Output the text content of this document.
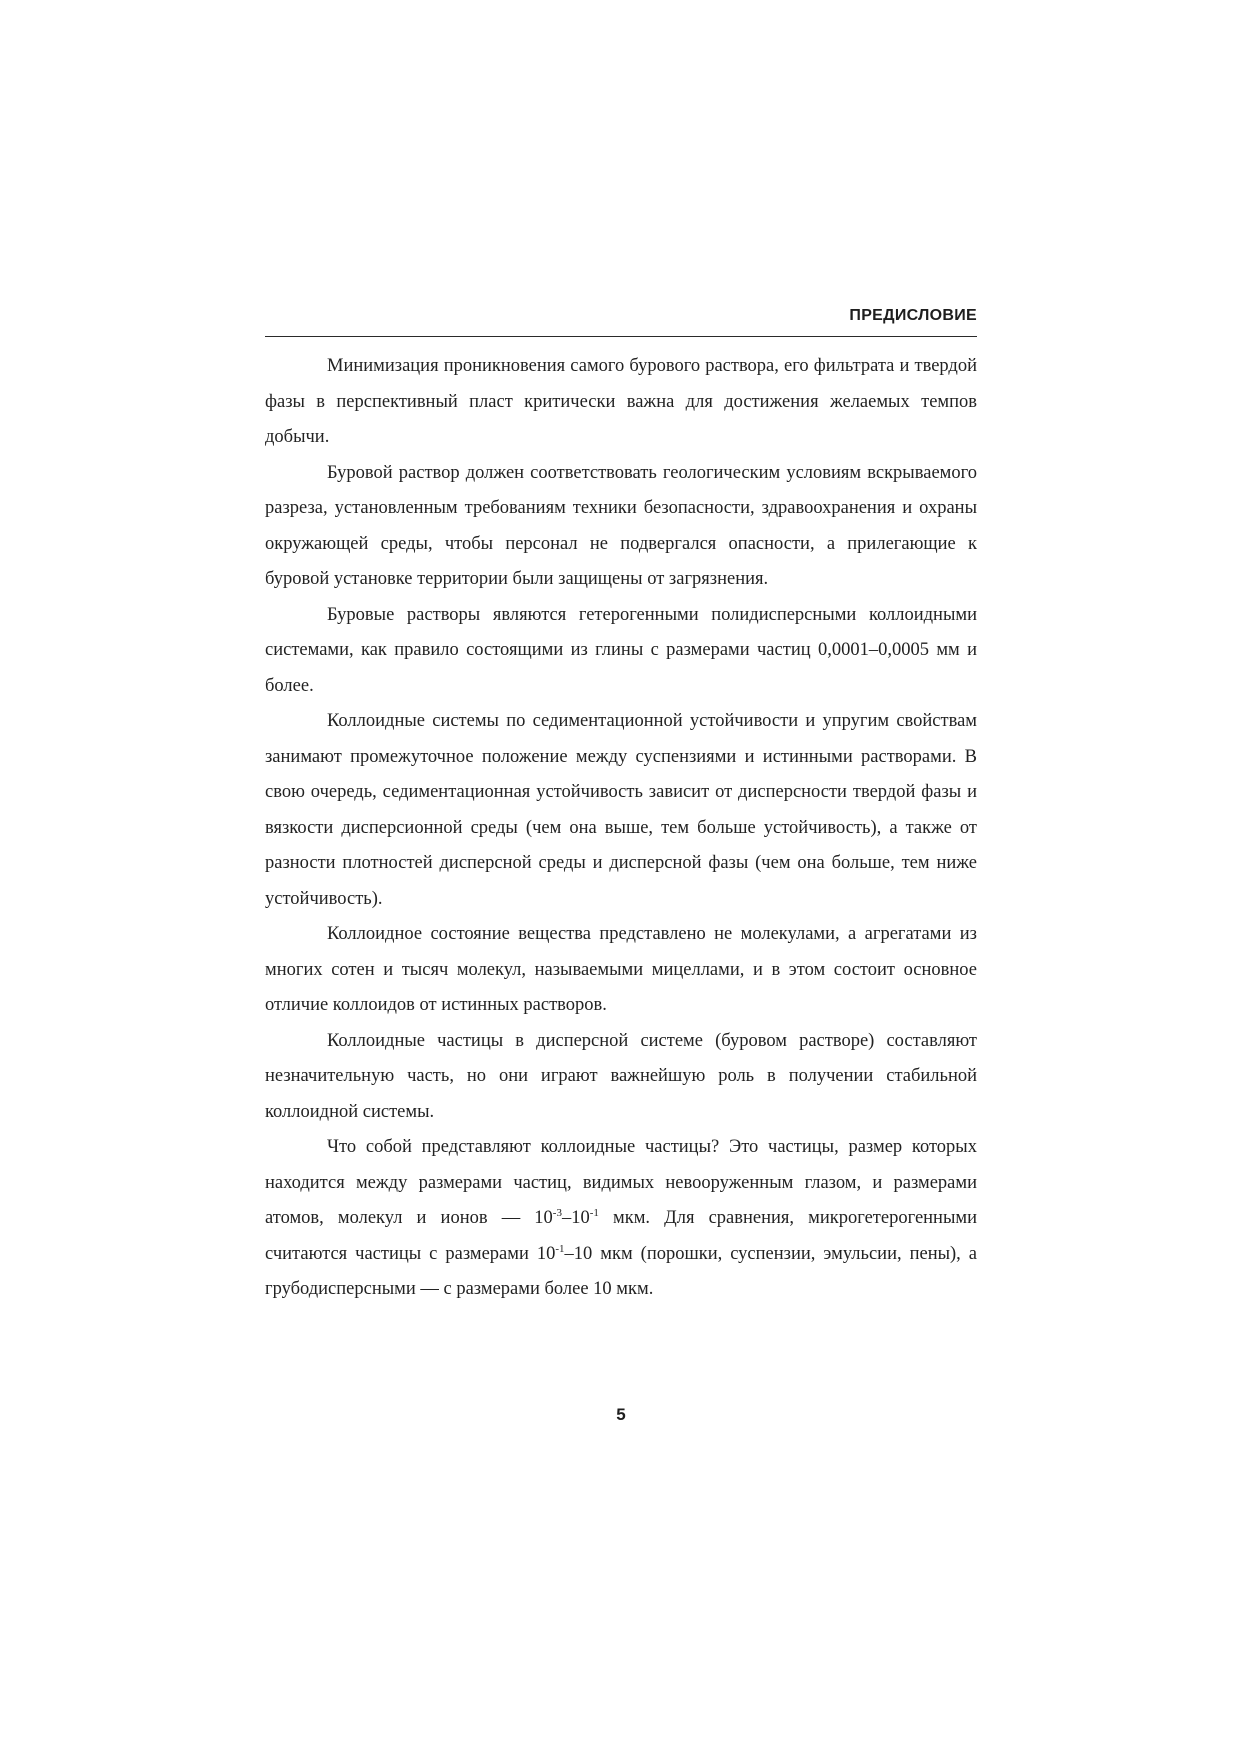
ПРЕДИСЛОВИЕ

Минимизация проникновения самого бурового раствора, его фильтрата и твердой фазы в перспективный пласт критически важна для достижения желаемых темпов добычи.

Буровой раствор должен соответствовать геологическим условиям вскрываемого разреза, установленным требованиям техники безопасности, здравоохранения и охраны окружающей среды, чтобы персонал не подвергался опасности, а прилегающие к буровой установке территории были защищены от загрязнения.

Буровые растворы являются гетерогенными полидисперсными коллоидными системами, как правило состоящими из глины с размерами частиц 0,0001–0,0005 мм и более.

Коллоидные системы по седиментационной устойчивости и упругим свойствам занимают промежуточное положение между суспензиями и истинными растворами. В свою очередь, седиментационная устойчивость зависит от дисперсности твердой фазы и вязкости дисперсионной среды (чем она выше, тем больше устойчивость), а также от разности плотностей дисперсной среды и дисперсной фазы (чем она больше, тем ниже устойчивость).

Коллоидное состояние вещества представлено не молекулами, а агрегатами из многих сотен и тысяч молекул, называемыми мицеллами, и в этом состоит основное отличие коллоидов от истинных растворов.

Коллоидные частицы в дисперсной системе (буровом растворе) составляют незначительную часть, но они играют важнейшую роль в получении стабильной коллоидной системы.

Что собой представляют коллоидные частицы? Это частицы, размер которых находится между размерами частиц, видимых невооруженным глазом, и размерами атомов, молекул и ионов — $10^{-3}-10^{-1}$ мкм. Для сравнения, микрогетерогенными считаются частицы с размерами $10^{-1}-10$ мкм (порошки, суспензии, эмульсии, пены), а грубодисперсными — с размерами более 10 мкм.

5
